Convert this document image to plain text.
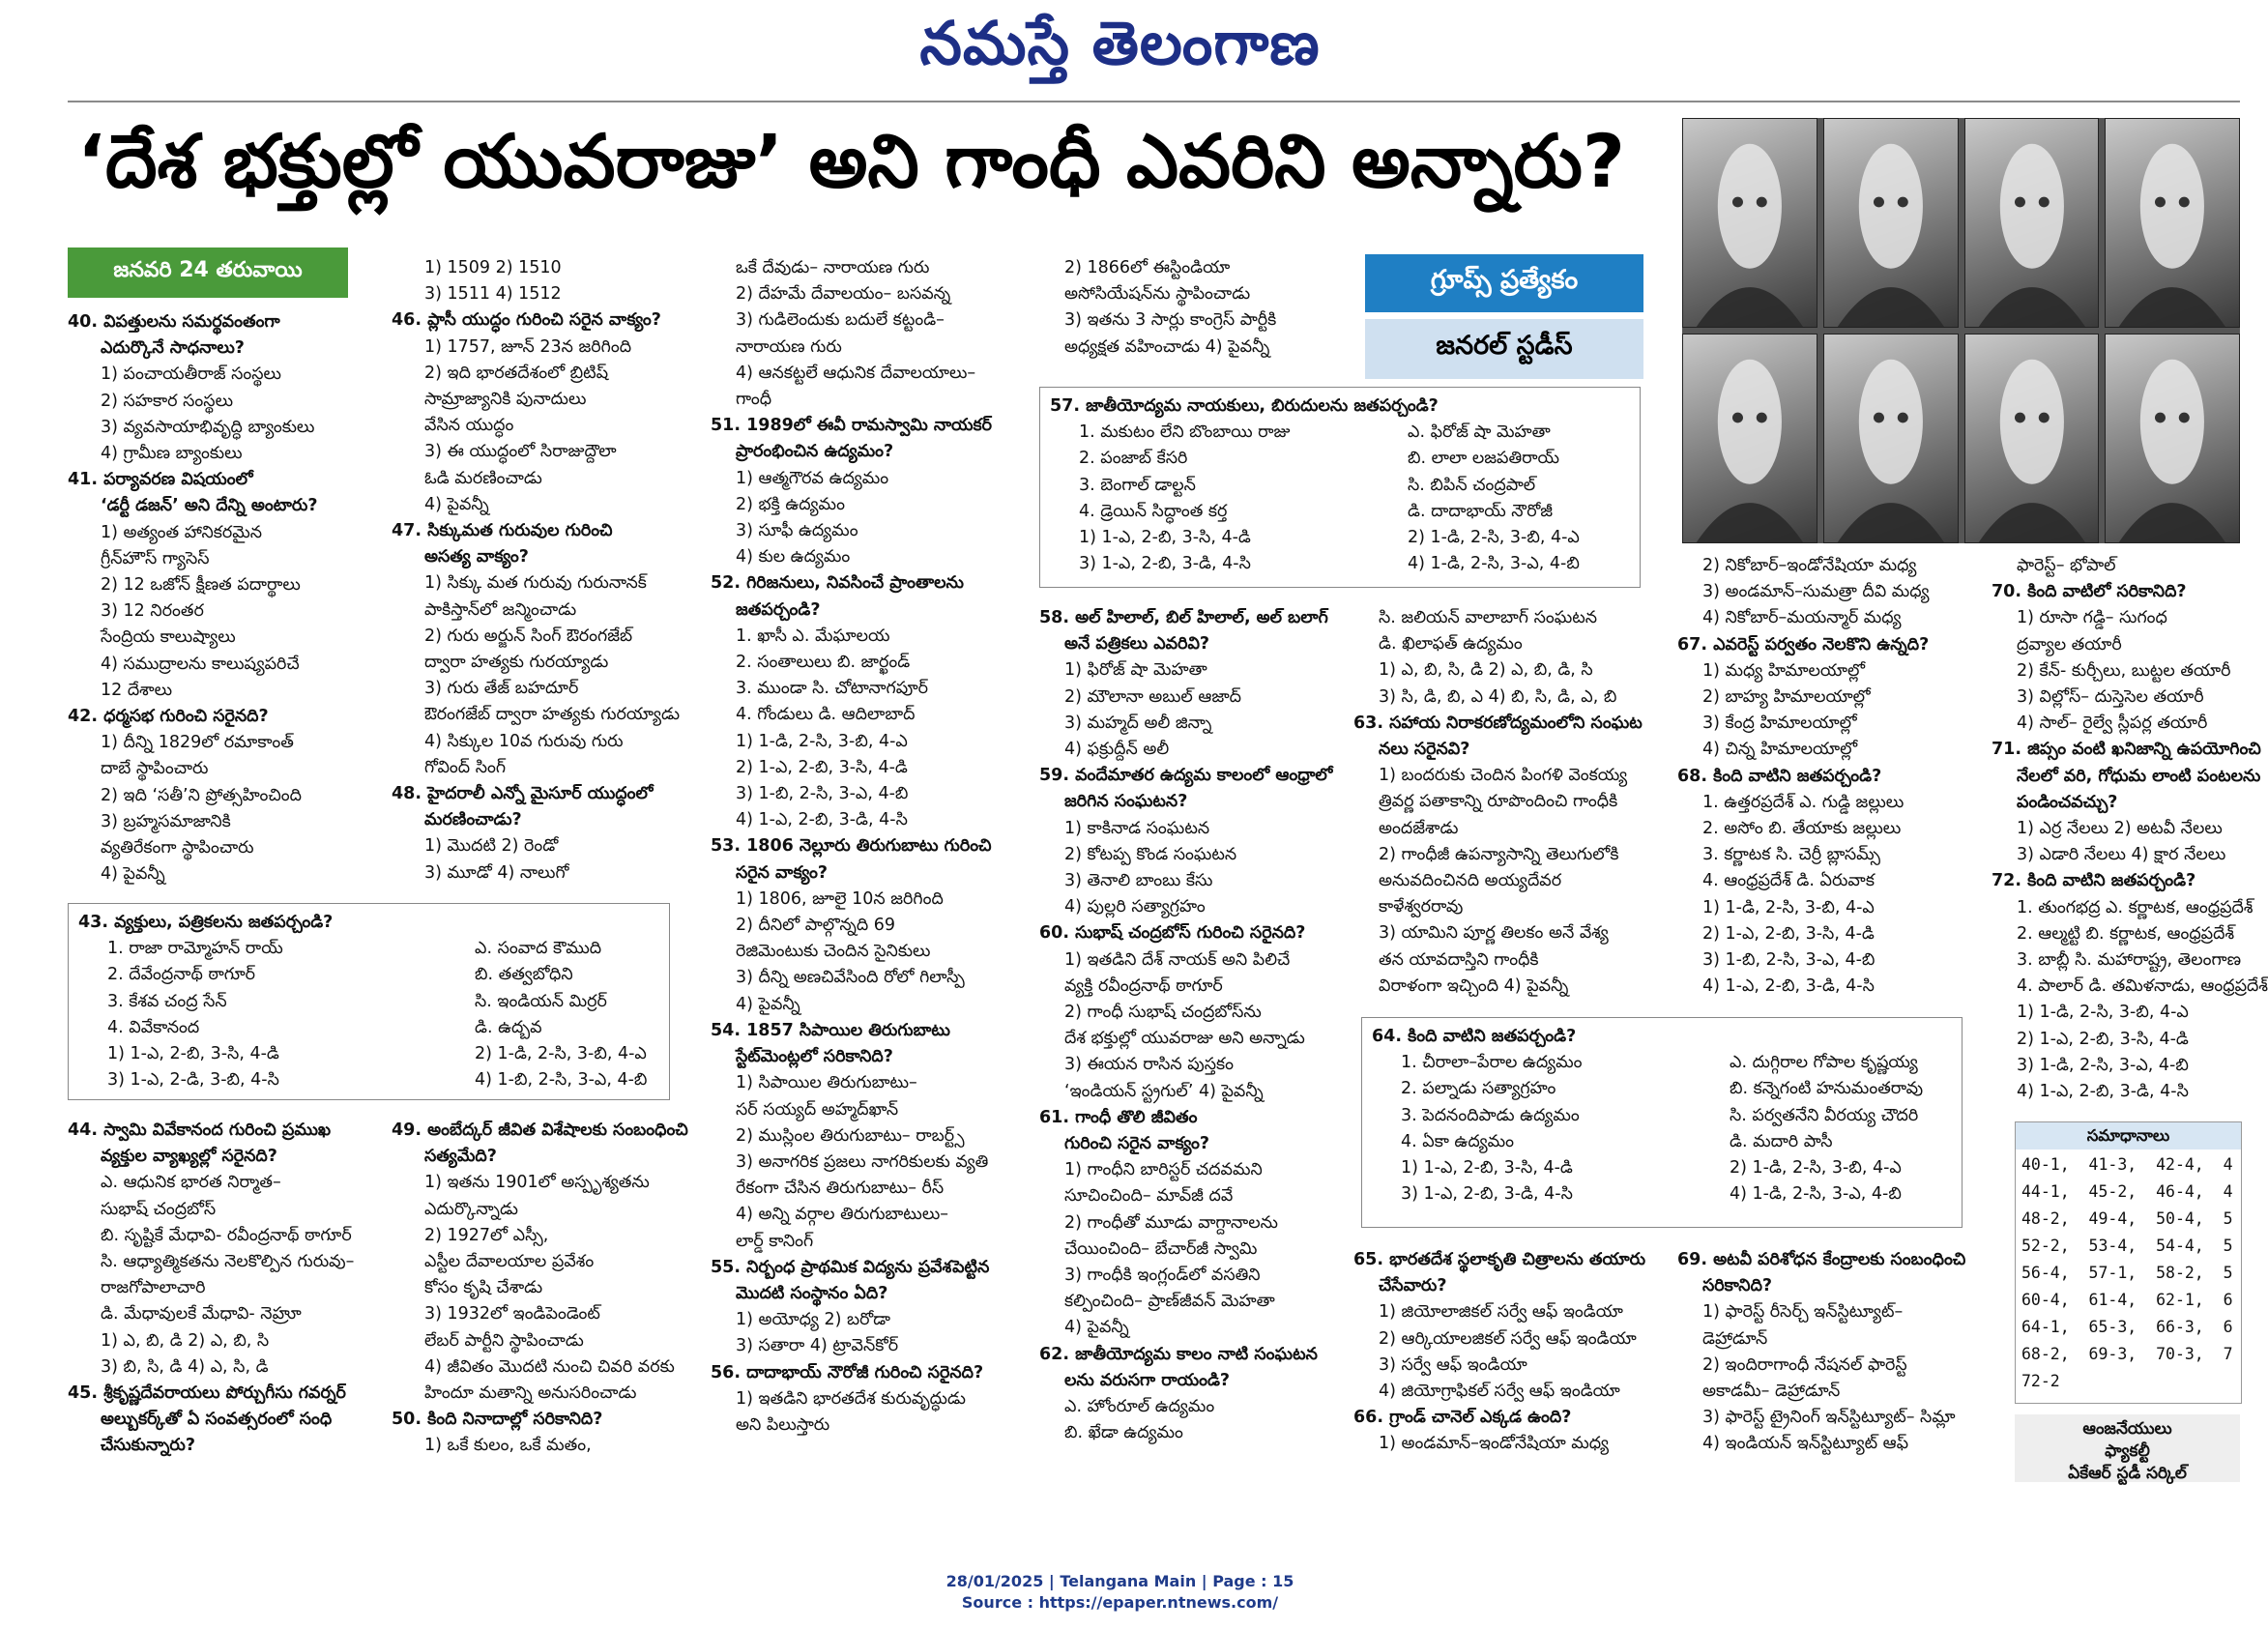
నమస్తే తెలంగాణ
‘దేశ భక్తుల్లో యువరాజు’ అని గాంధీ ఎవరిని అన్నారు?
జనవరి 24 తరువాయి	గ్రూప్స్ ప్రత్యేకం
జనరల్ స్టడీస్
40. విపత్తులను సమర్థవంతంగా
ఎదుర్కొనే సాధనాలు?
1) పంచాయతీరాజ్ సంస్థలు
2) సహకార సంస్థలు
3) వ్యవసాయాభివృద్ధి బ్యాంకులు
4) గ్రామీణ బ్యాంకులు
41. పర్యావరణ విషయంలో
‘డర్టీ డజన్’ అని దేన్ని అంటారు?
1) అత్యంత హానికరమైన
గ్రీన్‌హౌస్ గ్యాసెస్
2) 12 ఒజోన్ క్షీణత పదార్థాలు
3) 12 నిరంతర
సేంద్రియ కాలుష్యాలు
4) సముద్రాలను కాలుష్యపరిచే
12 దేశాలు
42. ధర్మసభ గురించి సరైనది?
1) దీన్ని 1829లో రమాకాంత్
దాబే స్థాపించారు
2) ఇది ‘సతీ’ని ప్రోత్సహించింది
3) బ్రహ్మసమాజానికి
వ్యతిరేకంగా స్థాపించారు
4) పైవన్నీ
43. వ్యక్తులు, పత్రికలను జతపర్చండి?
1. రాజా రామ్మోహన్ రాయ్
2. దేవేంద్రనాథ్ ఠాగూర్
3. కేశవ చంద్ర సేన్
4. వివేకానంద
1) 1-ఎ, 2-బి, 3-సి, 4-డి
3) 1-ఎ, 2-డి, 3-బి, 4-సి
ఎ. సంవాద కౌముది
బి. తత్వబోధిని
సి. ఇండియన్ మిర్రర్
డి. ఉద్బవ
2) 1-డి, 2-సి, 3-బి, 4-ఎ
4) 1-బి, 2-సి, 3-ఎ, 4-బి
44. స్వామి వివేకానంద గురించి ప్రముఖ
వ్యక్తుల వ్యాఖ్యల్లో సరైనది?
ఎ. ఆధునిక భారత నిర్మాత–
సుభాష్ చంద్రబోస్
బి. సృష్టికే మేధావి- రవీంద్రనాథ్ ఠాగూర్
సి. ఆధ్యాత్మికతను నెలకొల్పిన గురువు–
రాజగోపాలాచారి
డి. మేధావులకే మేధావి- నెహ్రూ
1) ఎ, బి, డి 2) ఎ, బి, సి
3) బి, సి, డి 4) ఎ, సి, డి
45. శ్రీకృష్ణదేవరాయలు పోర్చుగీసు గవర్నర్
అల్బుకర్క్‌తో ఏ సంవత్సరంలో సంధి
చేసుకున్నారు?
1) 1509 2) 1510
3) 1511 4) 1512
46. ప్లాసీ యుద్ధం గురించి సరైన వాక్యం?
1) 1757, జూన్ 23న జరిగింది
2) ఇది భారతదేశంలో బ్రిటిష్
సామ్రాజ్యానికి పునాదులు
వేసిన యుద్ధం
3) ఈ యుద్ధంలో సిరాజుద్దౌలా
ఓడి మరణించాడు
4) పైవన్నీ
47. సిక్కుమత గురువుల గురించి
అసత్య వాక్యం?
1) సిక్కు మత గురువు గురునానక్
పాకిస్తాన్‌లో జన్మించాడు
2) గురు అర్జున్ సింగ్ ఔరంగజేబ్
ద్వారా హత్యకు గురయ్యాడు
3) గురు తేజ్ బహదూర్
ఔరంగజేబ్ ద్వారా హత్యకు గురయ్యాడు
4) సిక్కుల 10వ గురువు గురు
గోవింద్ సింగ్
48. హైదరాలీ ఎన్నో మైసూర్ యుద్ధంలో
మరణించాడు?
1) మొదటి 2) రెండో
3) మూడో 4) నాలుగో
49. అంబేద్కర్ జీవిత విశేషాలకు సంబంధించి
సత్యమేది?
1) ఇతను 1901లో అస్పృశ్యతను
ఎదుర్కొన్నాడు
2) 1927లో ఎస్సీ,
ఎస్టీల దేవాలయాల ప్రవేశం
కోసం కృషి చేశాడు
3) 1932లో ఇండిపెండెంట్
లేబర్ పార్టీని స్థాపించాడు
4) జీవితం మొదటి నుంచి చివరి వరకు
హిందూ మతాన్ని అనుసరించాడు
50. కింది నినాదాల్లో సరికానిది?
1) ఒకే కులం, ఒకే మతం,
ఒకే దేవుడు– నారాయణ గురు
2) దేహమే దేవాలయం– బసవన్న
3) గుడిలెందుకు బదులే కట్టండి–
నారాయణ గురు
4) ఆనకట్టలే ఆధునిక దేవాలయాలు–
గాంధీ
51. 1989లో ఈవీ రామస్వామి నాయకర్
ప్రారంభించిన ఉద్యమం?
1) ఆత్మగౌరవ ఉద్యమం
2) భక్తి ఉద్యమం
3) సూఫీ ఉద్యమం
4) కుల ఉద్యమం
52. గిరిజనులు, నివసించే ప్రాంతాలను
జతపర్చండి?
1. ఖాసీ ఎ. మేఘాలయ
2. సంతాలులు బి. జార్ఖండ్
3. ముండా సి. చోటానాగపూర్
4. గోండులు డి. ఆదిలాబాద్
1) 1-డి, 2-సి, 3-బి, 4-ఎ
2) 1-ఎ, 2-బి, 3-సి, 4-డి
3) 1-బి, 2-సి, 3-ఎ, 4-బి
4) 1-ఎ, 2-బి, 3-డి, 4-సి
53. 1806 నెల్లూరు తిరుగుబాటు గురించి
సరైన వాక్యం?
1) 1806, జూలై 10న జరిగింది
2) దీనిలో పాల్గొన్నది 69
రెజిమెంటుకు చెందిన సైనికులు
3) దీన్ని అణచివేసింది రోలో గిలాస్పీ
4) పైవన్నీ
54. 1857 సిపాయిల తిరుగుబాటు
స్టేట్‌మెంట్లలో సరికానిది?
1) సిపాయిల తిరుగుబాటు–
సర్ సయ్యద్ అహ్మద్‌ఖాన్
2) ముస్లింల తిరుగుబాటు– రాబర్ట్స్
3) అనాగరిక ప్రజలు నాగరికులకు వ్యతి
రేకంగా చేసిన తిరుగుబాటు– రీస్
4) అన్ని వర్గాల తిరుగుబాటులు–
లార్డ్ కానింగ్
55. నిర్బంధ ప్రాథమిక విద్యను ప్రవేశపెట్టిన
మొదటి సంస్థానం ఏది?
1) అయోధ్య 2) బరోడా
3) సతారా 4) ట్రావెన్‌కోర్
56. దాదాభాయ్ నౌరోజీ గురించి సరైనది?
1) ఇతడిని భారతదేశ కురువృద్ధుడు
అని పిలుస్తారు
2) 1866లో ఈస్టిండియా
అసోసియేషన్‌ను స్థాపించాడు
3) ఇతను 3 సార్లు కాంగ్రెస్ పార్టీకి
అధ్యక్షత వహించాడు 4) పైవన్నీ
57. జాతీయోద్యమ నాయకులు, బిరుదులను జతపర్చండి?
1. మకుటం లేని బొంబాయి రాజు
2. పంజాబ్ కేసరి
3. బెంగాల్ డాల్టన్
4. డ్రెయిన్ సిద్ధాంత కర్త
1) 1-ఎ, 2-బి, 3-సి, 4-డి
3) 1-ఎ, 2-బి, 3-డి, 4-సి
ఎ. ఫిరోజ్ షా మెహతా
బి. లాలా లజపతిరాయ్
సి. బిపిన్ చంద్రపాల్
డి. దాదాభాయ్ నౌరోజీ
2) 1-డి, 2-సి, 3-బి, 4-ఎ
4) 1-డి, 2-సి, 3-ఎ, 4-బి
58. అల్ హిలాల్, బిల్ హిలాల్, అల్ బలాగ్
అనే పత్రికలు ఎవరివి?
1) ఫిరోజ్ షా మెహతా
2) మౌలానా అబుల్ ఆజాద్
3) మహ్మద్ అలీ జిన్నా
4) ఫక్రుద్దీన్ అలీ
59. వందేమాతర ఉద్యమ కాలంలో ఆంధ్రాలో
జరిగిన సంఘటన?
1) కాకినాడ సంఘటన
2) కోటప్ప కొండ సంఘటన
3) తెనాలి బాంబు కేసు
4) పుల్లరి సత్యాగ్రహం
60. సుభాష్ చంద్రబోస్ గురించి సరైనది?
1) ఇతడిని దేశ్ నాయక్ అని పిలిచే
వ్యక్తి రవీంద్రనాథ్ ఠాగూర్
2) గాంధీ సుభాష్ చంద్రబోస్‌ను
దేశ భక్తుల్లో యువరాజు అని అన్నాడు
3) ఈయన రాసిన పుస్తకం
‘ఇండియన్ స్ట్రగుల్’ 4) పైవన్నీ
61. గాంధీ తొలి జీవితం
గురించి సరైన వాక్యం?
1) గాంధీని బారిస్టర్ చదవమని
సూచించింది– మావ్‌జీ దవే
2) గాంధీతో మూడు వాగ్దానాలను
చేయించింది– బేచార్‌జీ స్వామి
3) గాంధీకి ఇంగ్లండ్‌లో వసతిని
కల్పించింది– ప్రాణ్‌జీవన్ మెహతా
4) పైవన్నీ
62. జాతీయోద్యమ కాలం నాటి సంఘటన
లను వరుసగా రాయండి?
ఎ. హోంరూల్ ఉద్యమం
బి. ఖేడా ఉద్యమం
సి. జలియన్ వాలాబాగ్ సంఘటన
డి. ఖిలాఫత్ ఉద్యమం
1) ఎ, బి, సి, డి 2) ఎ, బి, డి, సి
3) సి, డి, బి, ఎ 4) బి, సి, డి, ఎ, బి
63. సహాయ నిరాకరణోద్యమంలోని సంఘట
నలు సరైనవి?
1) బందరుకు చెందిన పింగళి వెంకయ్య
త్రివర్ణ పతాకాన్ని రూపొందించి గాంధీకి
అందజేశాడు
2) గాంధీజీ ఉపన్యాసాన్ని తెలుగులోకి
అనువదించినది అయ్యదేవర
కాళేశ్వరరావు
3) యామిని పూర్ణ తిలకం అనే వేశ్య
తన యావదాస్తిని గాంధీకి
విరాళంగా ఇచ్చింది 4) పైవన్నీ
64. కింది వాటిని జతపర్చండి?
1. చీరాలా–పేరాల ఉద్యమం
2. పల్నాడు సత్యాగ్రహం
3. పెదనందిపాడు ఉద్యమం
4. ఏకా ఉద్యమం
1) 1-ఎ, 2-బి, 3-సి, 4-డి
3) 1-ఎ, 2-బి, 3-డి, 4-సి
ఎ. దుగ్గిరాల గోపాల కృష్ణయ్య
బి. కన్నెగంటి హనుమంతరావు
సి. పర్వతనేని వీరయ్య చౌదరి
డి. మదారి పాసీ
2) 1-డి, 2-సి, 3-బి, 4-ఎ
4) 1-డి, 2-సి, 3-ఎ, 4-బి
65. భారతదేశ స్థలాకృతి చిత్రాలను తయారు
చేసేవారు?
1) జియోలాజికల్ సర్వే ఆఫ్ ఇండియా
2) ఆర్కియాలజికల్ సర్వే ఆఫ్ ఇండియా
3) సర్వే ఆఫ్ ఇండియా
4) జియోగ్రాఫికల్ సర్వే ఆఫ్ ఇండియా
66. గ్రాండ్ చానెల్ ఎక్కడ ఉంది?
1) అండమాన్–ఇండోనేషియా మధ్య
2) నికోబార్–ఇండోనేషియా మధ్య
3) అండమాన్–సుమత్రా దీవి మధ్య
4) నికోబార్–మయన్మార్ మధ్య
67. ఎవరెస్ట్ పర్వతం నెలకొని ఉన్నది?
1) మధ్య హిమాలయాల్లో
2) బాహ్య హిమాలయాల్లో
3) కేంద్ర హిమాలయాల్లో
4) చిన్న హిమాలయాల్లో
68. కింది వాటిని జతపర్చండి?
1. ఉత్తరప్రదేశ్ ఎ. గుడ్డి జల్లులు
2. అసోం బి. తేయాకు జల్లులు
3. కర్ణాటక సి. చెర్రీ బ్లాసమ్స్
4. ఆంధ్రప్రదేశ్ డి. ఏరువాక
1) 1-డి, 2-సి, 3-బి, 4-ఎ
2) 1-ఎ, 2-బి, 3-సి, 4-డి
3) 1-బి, 2-సి, 3-ఎ, 4-బి
4) 1-ఎ, 2-బి, 3-డి, 4-సి
69. అటవీ పరిశోధన కేంద్రాలకు సంబంధించి
సరికానిది?
1) ఫారెస్ట్ రీసెర్చ్ ఇన్‌స్టిట్యూట్–
డెహ్రాడూన్
2) ఇందిరాగాంధీ నేషనల్ ఫారెస్ట్
అకాడమీ– డెహ్రాడూన్
3) ఫారెస్ట్ ట్రైనింగ్ ఇన్‌స్టిట్యూట్– సిమ్లా
4) ఇండియన్ ఇన్‌స్టిట్యూట్ ఆఫ్
ఫారెస్ట్– భోపాల్
70. కింది వాటిలో సరికానిది?
1) రూసా గడ్డి– సుగంధ
ద్రవ్యాల తయారీ
2) కేన్- కుర్చీలు, బుట్టల తయారీ
3) విల్లోస్– దుస్తెసెల తయారీ
4) సాల్– రైల్వే స్లీపర్ల తయారీ
71. జిప్సం వంటి ఖనిజాన్ని ఉపయోగించి
నేలలో వరి, గోధుమ లాంటి పంటలను
పండించవచ్చు?
1) ఎర్ర నేలలు 2) అటవీ నేలలు
3) ఎడారి నేలలు 4) క్షార నేలలు
72. కింది వాటిని జతపర్చండి?
1. తుంగభద్ర ఎ. కర్ణాటక, ఆంధ్రప్రదేశ్
2. ఆల్మట్టి బి. కర్ణాటక, ఆంధ్రప్రదేశ్
3. బాబ్లీ సి. మహారాష్ట్ర, తెలంగాణ
4. పాలార్ డి. తమిళనాడు, ఆంధ్రప్రదేశ్
1) 1-డి, 2-సి, 3-బి, 4-ఎ
2) 1-ఎ, 2-బి, 3-సి, 4-డి
3) 1-డి, 2-సి, 3-ఎ, 4-బి
4) 1-ఎ, 2-బి, 3-డి, 4-సి
సమాధానాలు
40-1,  41-3,  42-4,  4
44-1,  45-2,  46-4,  4
48-2,  49-4,  50-4,  5
52-2,  53-4,  54-4,  5
56-4,  57-1,  58-2,  5
60-4,  61-4,  62-1,  6
64-1,  65-3,  66-3,  6
68-2,  69-3,  70-3,  7
72-2
ఆంజనేయులు
ఫ్యాకల్టీ
ఏకేఆర్ స్టడీ సర్కిల్
28/01/2025 | Telangana Main | Page : 15
Source : https://epaper.ntnews.com/
